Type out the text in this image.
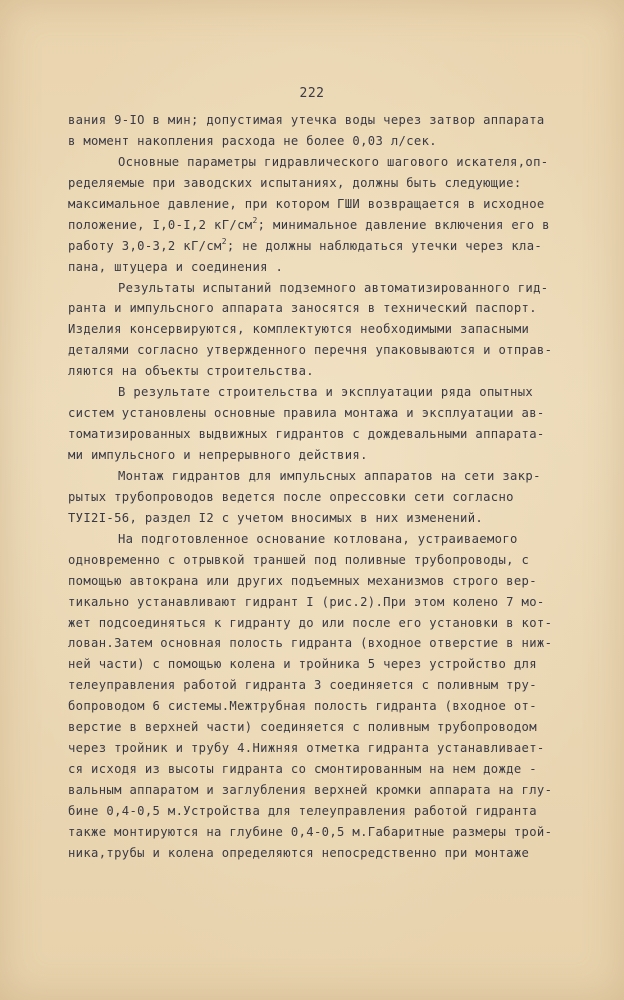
222
вания 9-IO в мин; допустимая утечка воды через затвор аппарата
в момент накопления расхода не более 0,03 л/сек.
Основные параметры гидравлического шагового искателя,оп-
ределяемые при заводских испытаниях, должны быть следующие:
максимальное давление, при котором ГШИ возвращается в исходное
положение, I,0-I,2 $кГ/см^2$; минимальное давление включения его в
работу 3,0-3,2 $кГ/см^2$; не должны наблюдаться утечки через кла-
пана, штуцера и соединения .
Результаты испытаний подземного автоматизированного гид-
ранта и импульсного аппарата заносятся в технический паспорт.
Изделия консервируются, комплектуются необходимыми запасными
деталями согласно утвержденного перечня упаковываются и отправ-
ляются на объекты строительства.
В результате строительства и эксплуатации ряда опытных
систем установлены основные правила монтажа и эксплуатации ав-
томатизированных выдвижных гидрантов с дождевальными аппарата-
ми импульсного и непрерывного действия.
Монтаж гидрантов для импульсных аппаратов на сети закр-
рытых трубопроводов ведется после опрессовки сети согласно
ТУI2I-56, раздел I2 с учетом вносимых в них изменений.
На подготовленное основание котлована, устраиваемого
одновременно с отрывкой траншей под поливные трубопроводы, с
помощью автокрана или других подъемных механизмов строго вер-
тикально устанавливают гидрант I (рис.2).При этом колено 7 мо-
жет подсоединяться к гидранту до или после его установки в кот-
лован.Затем основная полость гидранта (входное отверстие в ниж-
ней части) с помощью колена и тройника 5 через устройство для
телеуправления работой гидранта 3 соединяется с поливным тру-
бопроводом 6 системы.Межтрубная полость гидранта (входное от-
верстие в верхней части) соединяется с поливным трубопроводом
через тройник и трубу 4.Нижняя отметка гидранта устанавливает-
ся исходя из высоты гидранта со смонтированным на нем дожде -
вальным аппаратом и заглубления верхней кромки аппарата на глу-
бине 0,4-0,5 м.Устройства для телеуправления работой гидранта
также монтируются на глубине 0,4-0,5 м.Габаритные размеры трой-
ника,трубы и колена определяются непосредственно при монтаже
